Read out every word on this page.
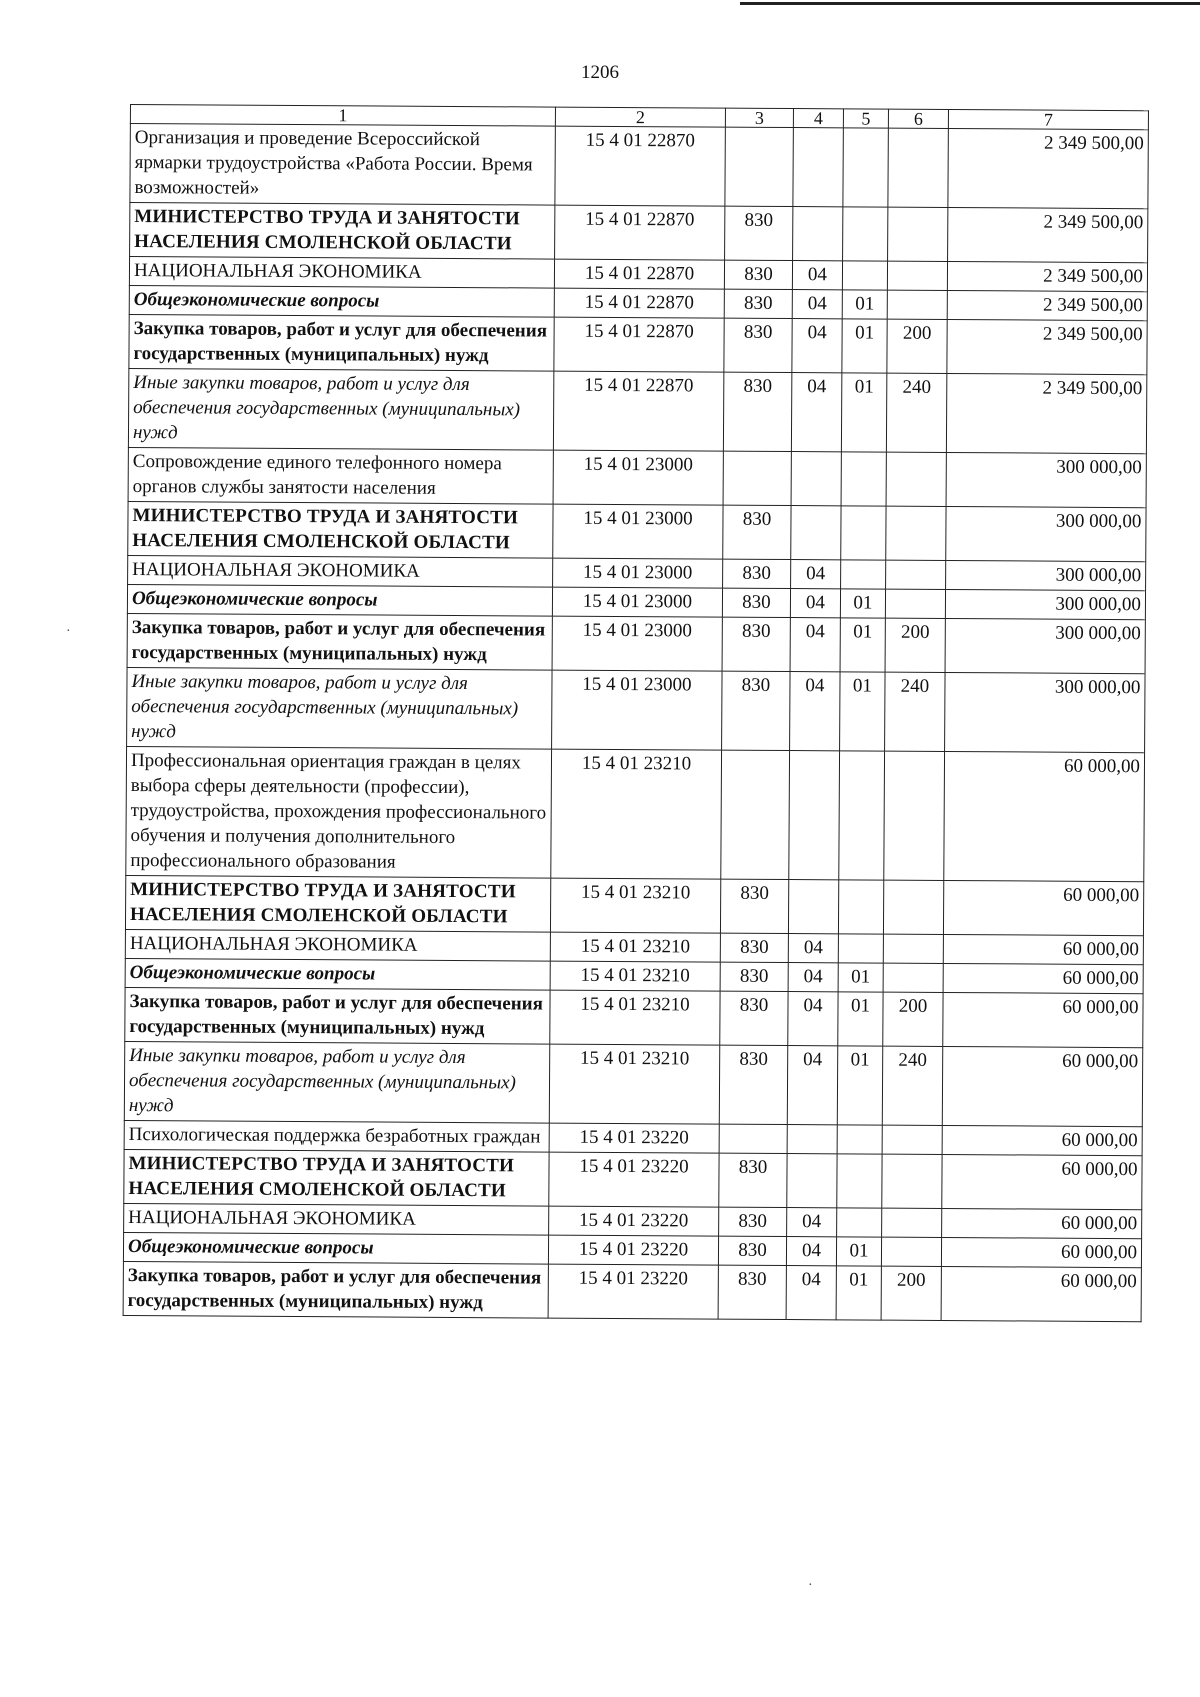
1206
1	2	3	4	5	6	7
Организация и проведение Всероссийской ярмарки трудоустройства «Работа России. Время возможностей»	15 4 01 22870					2 349 500,00
МИНИСТЕРСТВО ТРУДА И ЗАНЯТОСТИ НАСЕЛЕНИЯ СМОЛЕНСКОЙ ОБЛАСТИ	15 4 01 22870	830				2 349 500,00
НАЦИОНАЛЬНАЯ ЭКОНОМИКА	15 4 01 22870	830	04			2 349 500,00
Общеэкономические вопросы	15 4 01 22870	830	04	01		2 349 500,00
Закупка товаров, работ и услуг для обеспечения государственных (муниципальных) нужд	15 4 01 22870	830	04	01	200	2 349 500,00
Иные закупки товаров, работ и услуг для обеспечения государственных (муниципальных) нужд	15 4 01 22870	830	04	01	240	2 349 500,00
Сопровождение единого телефонного номера органов службы занятости населения	15 4 01 23000					300 000,00
МИНИСТЕРСТВО ТРУДА И ЗАНЯТОСТИ НАСЕЛЕНИЯ СМОЛЕНСКОЙ ОБЛАСТИ	15 4 01 23000	830				300 000,00
НАЦИОНАЛЬНАЯ ЭКОНОМИКА	15 4 01 23000	830	04			300 000,00
Общеэкономические вопросы	15 4 01 23000	830	04	01		300 000,00
Закупка товаров, работ и услуг для обеспечения государственных (муниципальных) нужд	15 4 01 23000	830	04	01	200	300 000,00
Иные закупки товаров, работ и услуг для обеспечения государственных (муниципальных) нужд	15 4 01 23000	830	04	01	240	300 000,00
Профессиональная ориентация граждан в целях выбора сферы деятельности (профессии), трудоустройства, прохождения профессионального обучения и получения дополнительного профессионального образования	15 4 01 23210					60 000,00
МИНИСТЕРСТВО ТРУДА И ЗАНЯТОСТИ НАСЕЛЕНИЯ СМОЛЕНСКОЙ ОБЛАСТИ	15 4 01 23210	830				60 000,00
НАЦИОНАЛЬНАЯ ЭКОНОМИКА	15 4 01 23210	830	04			60 000,00
Общеэкономические вопросы	15 4 01 23210	830	04	01		60 000,00
Закупка товаров, работ и услуг для обеспечения государственных (муниципальных) нужд	15 4 01 23210	830	04	01	200	60 000,00
Иные закупки товаров, работ и услуг для обеспечения государственных (муниципальных) нужд	15 4 01 23210	830	04	01	240	60 000,00
Психологическая поддержка безработных граждан	15 4 01 23220					60 000,00
МИНИСТЕРСТВО ТРУДА И ЗАНЯТОСТИ НАСЕЛЕНИЯ СМОЛЕНСКОЙ ОБЛАСТИ	15 4 01 23220	830				60 000,00
НАЦИОНАЛЬНАЯ ЭКОНОМИКА	15 4 01 23220	830	04			60 000,00
Общеэкономические вопросы	15 4 01 23220	830	04	01		60 000,00
Закупка товаров, работ и услуг для обеспечения государственных (муниципальных) нужд	15 4 01 23220	830	04	01	200	60 000,00
·
·
